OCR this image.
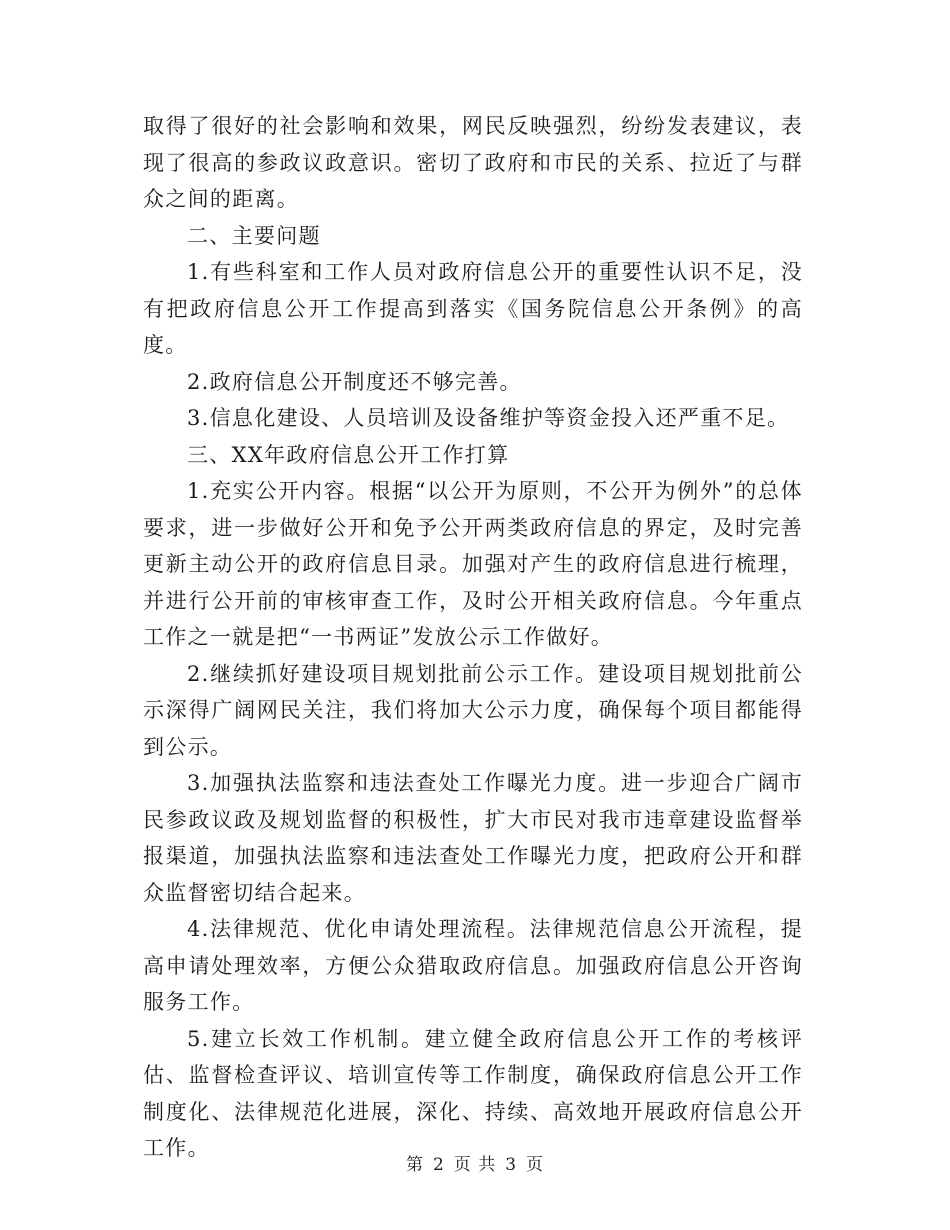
取得了很好的社会影响和效果，网民反映强烈，纷纷发表建议，表现了很高的参政议政意识。密切了政府和市民的关系、拉近了与群众之间的距离。

二、主要问题

1.有些科室和工作人员对政府信息公开的重要性认识不足，没有把政府信息公开工作提高到落实《国务院信息公开条例》的高度。

2.政府信息公开制度还不够完善。

3.信息化建设、人员培训及设备维护等资金投入还严重不足。

三、XX年政府信息公开工作打算

1.充实公开内容。根据“以公开为原则，不公开为例外”的总体要求，进一步做好公开和免予公开两类政府信息的界定，及时完善更新主动公开的政府信息目录。加强对产生的政府信息进行梳理，并进行公开前的审核审查工作，及时公开相关政府信息。今年重点工作之一就是把“一书两证”发放公示工作做好。

2.继续抓好建设项目规划批前公示工作。建设项目规划批前公示深得广阔网民关注，我们将加大公示力度，确保每个项目都能得到公示。

3.加强执法监察和违法查处工作曝光力度。进一步迎合广阔市民参政议政及规划监督的积极性，扩大市民对我市违章建设监督举报渠道，加强执法监察和违法查处工作曝光力度，把政府公开和群众监督密切结合起来。

4.法律规范、优化申请处理流程。法律规范信息公开流程，提高申请处理效率，方便公众猎取政府信息。加强政府信息公开咨询服务工作。

5.建立长效工作机制。建立健全政府信息公开工作的考核评估、监督检查评议、培训宣传等工作制度，确保政府信息公开工作制度化、法律规范化进展，深化、持续、高效地开展政府信息公开工作。

第 2 页 共 3 页
